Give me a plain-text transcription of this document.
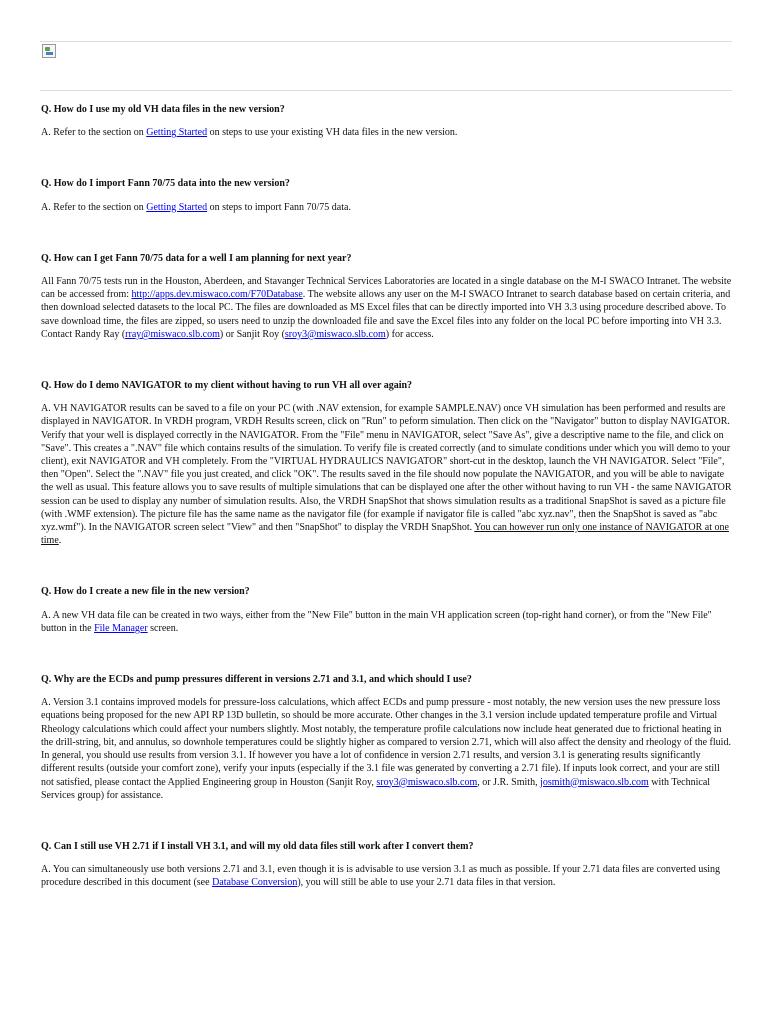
Q. How do I use my old VH data files in the new version?

A. Refer to the section on Getting Started on steps to use your existing VH data files in the new version.

Q. How do I import Fann 70/75 data into the new version?

A. Refer to the section on Getting Started on steps to import Fann 70/75 data.

Q. How can I get Fann 70/75 data for a well I am planning for next year?

All Fann 70/75 tests run in the Houston, Aberdeen, and Stavanger Technical Services Laboratories are located in a single database on the M-I SWACO Intranet. The website can be accessed from: http://apps.dev.miswaco.com/F70Database. The website allows any user on the M-I SWACO Intranet to search database based on certain criteria, and then download selected datasets to the local PC. The files are downloaded as MS Excel files that can be directly imported into VH 3.3 using procedure described above. To save download time, the files are zipped, so users need to unzip the downloaded file and save the Excel files into any folder on the local PC before importing into VH 3.3. Contact Randy Ray (rray@miswaco.slb.com) or Sanjit Roy (sroy3@miswaco.slb.com) for access.

Q. How do I demo NAVIGATOR to my client without having to run VH all over again?

A. VH NAVIGATOR results can be saved to a file on your PC (with .NAV extension, for example SAMPLE.NAV) once VH simulation has been performed and results are displayed in NAVIGATOR. In VRDH program, VRDH Results screen, click on "Run" to peform simulation. Then click on the "Navigator" button to display NAVIGATOR. Verify that your well is displayed correctly in the NAVIGATOR. From the "File" menu in NAVIGATOR, select "Save As", give a descriptive name to the file, and click on "Save". This creates a ".NAV" file which contains results of the simulation. To verify file is created correctly (and to simulate conditions under which you will demo to your client), exit NAVIGATOR and VH completely. From the "VIRTUAL HYDRAULICS NAVIGATOR" short-cut in the desktop, launch the VH NAVIGATOR. Select "File", then "Open". Select the ".NAV" file you just created, and click "OK". The results saved in the file should now populate the NAVIGATOR, and you will be able to navigate the well as usual. This feature allows you to save results of multiple simulations that can be displayed one after the other without having to run VH - the same NAVIGATOR session can be used to display any number of simulation results. Also, the VRDH SnapShot that shows simulation results as a traditional SnapShot is saved as a picture file (with .WMF extension). The picture file has the same name as the navigator file (for example if navigator file is called "abc xyz.nav", then the SnapShot is saved as "abc xyz.wmf"). In the NAVIGATOR screen select "View" and then "SnapShot" to display the VRDH SnapShot. You can however run only one instance of NAVIGATOR at one time.

Q. How do I create a new file in the new version?

A. A new VH data file can be created in two ways, either from the "New File" button in the main VH application screen (top-right hand corner), or from the "New File" button in the File Manager screen.

Q. Why are the ECDs and pump pressures different in versions 2.71 and 3.1, and which should I use?

A. Version 3.1 contains improved models for pressure-loss calculations, which affect ECDs and pump pressure - most notably, the new version uses the new pressure loss equations being proposed for the new API RP 13D bulletin, so should be more accurate. Other changes in the 3.1 version include updated temperature profile and Virtual Rheology calculations which could affect your numbers slightly. Most notably, the temperature profile calculations now include heat generated due to frictional heating in the drill-string, bit, and annulus, so downhole temperatures could be slightly higher as compared to version 2.71, which will also affect the density and rheology of the fluid. In general, you should use results from version 3.1. If however you have a lot of confidence in version 2.71 results, and version 3.1 is generating results significantly different results (outside your comfort zone), verify your inputs (especially if the 3.1 file was generated by converting a 2.71 file). If inputs look correct, and your are still not satisfied, please contact the Applied Engineering group in Houston (Sanjit Roy, sroy3@miswaco.slb.com, or J.R. Smith, josmith@miswaco.slb.com with Technical Services group) for assistance.

Q. Can I still use VH 2.71 if I install VH 3.1, and will my old data files still work after I convert them?

A. You can simultaneously use both versions 2.71 and 3.1, even though it is is advisable to use version 3.1 as much as possible. If your 2.71 data files are converted using procedure described in this document (see Database Conversion), you will still be able to use your 2.71 data files in that version.
